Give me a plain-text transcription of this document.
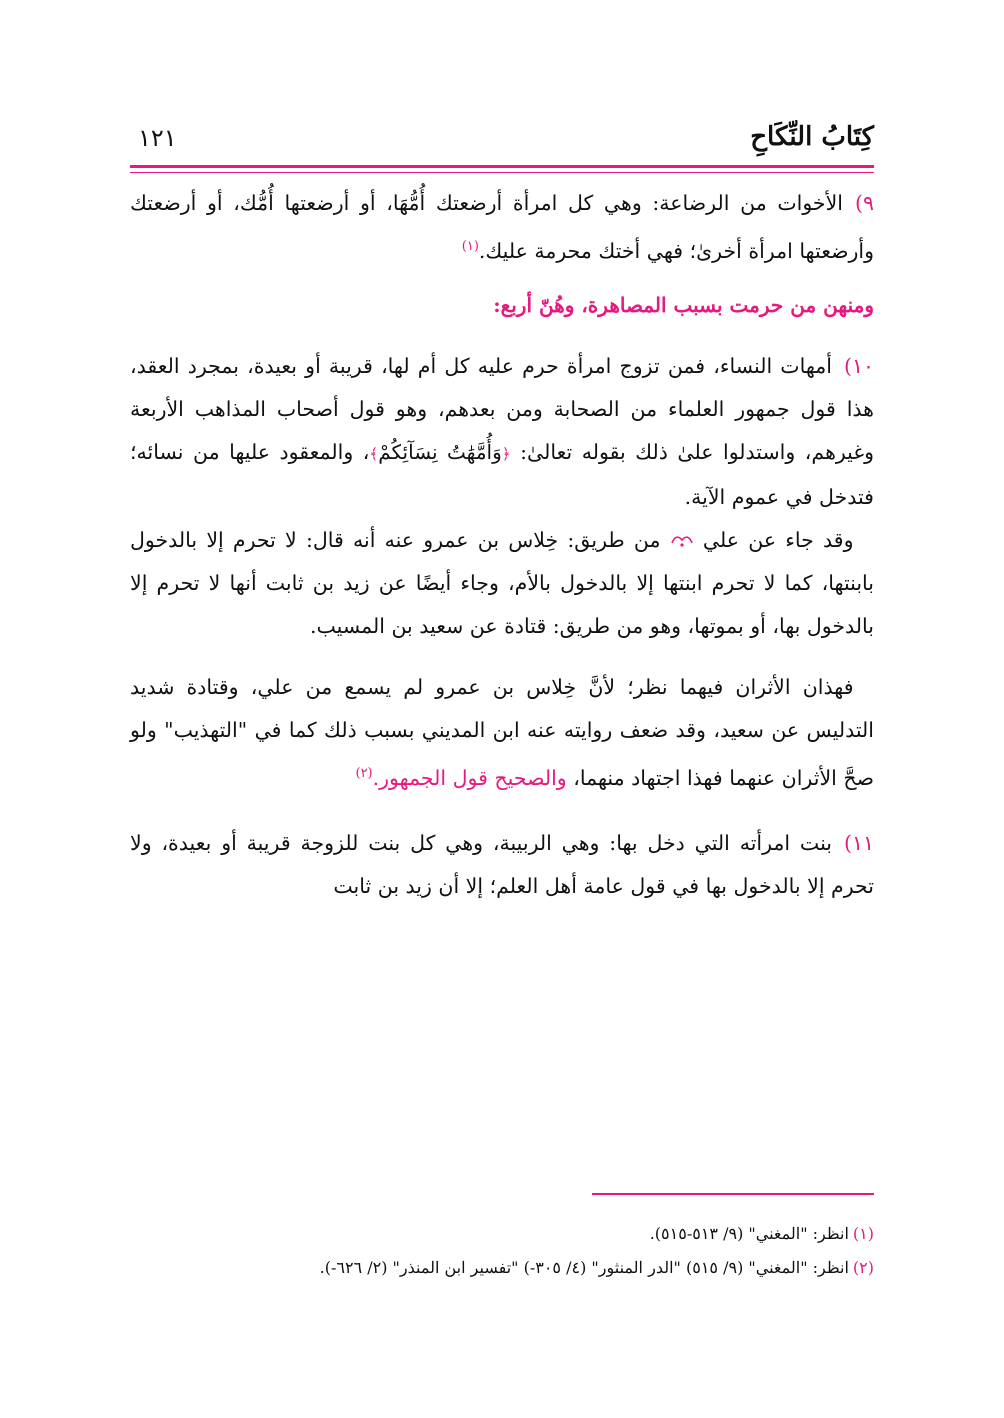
كِتَابُ النِّكَاحِ
١٢١

٩)الأخوات من الرضاعة: وهي كل امرأة أرضعتك أُمُّهَا، أو أرضعتها أُمُّك، أو أرضعتك وأرضعتها امرأة أخرىٰ؛ فهي أختك محرمة عليك.$^{(١)}$

ومنهن من حرمت بسبب المصاهرة، وهُنّ أربع:

١٠)أمهات النساء، فمن تزوج امرأة حرم عليه كل أم لها، قريبة أو بعيدة، بمجرد العقد، هذا قول جمهور العلماء من الصحابة ومن بعدهم، وهو قول أصحاب المذاهب الأربعة وغيرهم، واستدلوا علىٰ ذلك بقوله تعالىٰ: ﴿وَأُمَّهَٰتُ نِسَآئِكُمْ﴾، والمعقود عليها من نسائه؛ فتدخل في عموم الآية.

 وقد جاء عن علي  من طريق: خِلاس بن عمرو عنه أنه قال: لا تحرم إلا بالدخول بابنتها، كما لا تحرم ابنتها إلا بالدخول بالأم، وجاء أيضًا عن زيد بن ثابت أنها لا تحرم إلا بالدخول بها، أو بموتها، وهو من طريق: قتادة عن سعيد بن المسيب.

 فهذان الأثران فيهما نظر؛ لأنَّ خِلاس بن عمرو لم يسمع من علي، وقتادة شديد التدليس عن سعيد، وقد ضعف روايته عنه ابن المديني بسبب ذلك كما في "التهذيب" ولو صحَّ الأثران عنهما فهذا اجتهاد منهما، والصحيح قول الجمهور.$^{(٢)}$

١١)بنت امرأته التي دخل بها: وهي الربيبة، وهي كل بنت للزوجة قريبة أو بعيدة، ولا تحرم إلا بالدخول بها في قول عامة أهل العلم؛ إلا أن زيد بن ثابت

(١)انظر: "المغني" (٩/ ٥١٣-٥١٥).

(٢)انظر: "المغني" (٩/ ٥١٥) "الدر المنثور" (٤/ ٣٠٥-) "تفسير ابن المنذر" (٢/ ٦٢٦-).
